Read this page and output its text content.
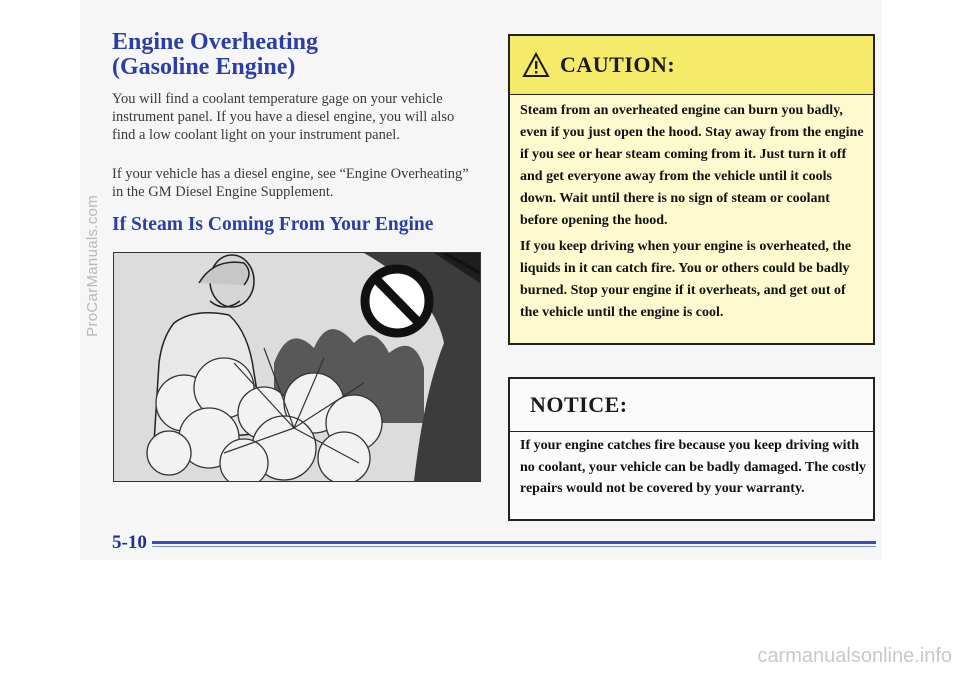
Engine Overheating
(Gasoline Engine)

You will find a coolant temperature gage on your vehicle instrument panel. If you have a diesel engine, you will also find a low coolant light on your instrument panel.

If your vehicle has a diesel engine, see “Engine Overheating” in the GM Diesel Engine Supplement.

If Steam Is Coming From Your Engine
CAUTION:

Steam from an overheated engine can burn you badly, even if you just open the hood. Stay away from the engine if you see or hear steam coming from it. Just turn it off and get everyone away from the vehicle until it cools down. Wait until there is no sign of steam or coolant before opening the hood.

If you keep driving when your engine is overheated, the liquids in it can catch fire. You or others could be badly burned. Stop your engine if it overheats, and get out of the vehicle until the engine is cool.

NOTICE:

If your engine catches fire because you keep driving with no coolant, your vehicle can be badly damaged. The costly repairs would not be covered by your warranty.

5-10
ProCarManuals.com
carmanualsonline.info
